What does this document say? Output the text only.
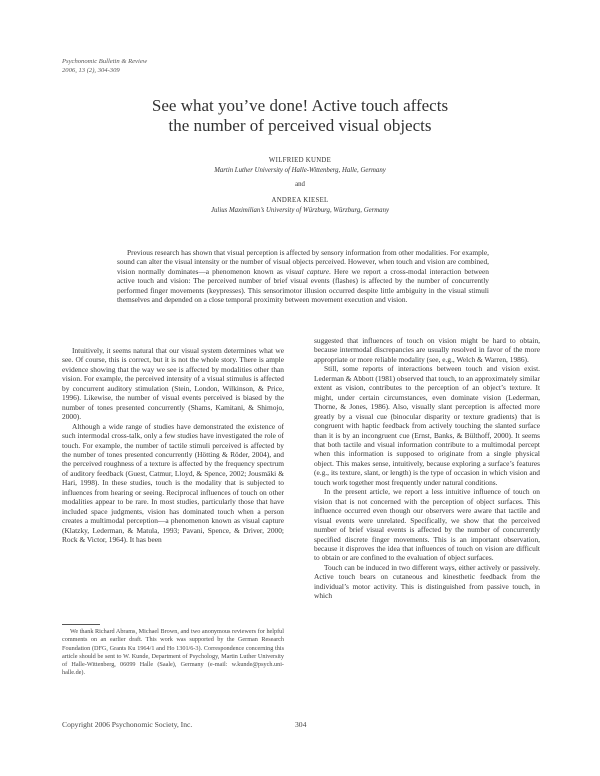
Psychonomic Bulletin & Review
2006, 13 (2), 304-309
See what you’ve done! Active touch affects
the number of perceived visual objects
WILFRIED KUNDE
Martin Luther University of Halle-Wittenberg, Halle, Germany
and
ANDREA KIESEL
Julius Maximilian’s University of Würzburg, Würzburg, Germany

Previous research has shown that visual perception is affected by sensory information from other modalities. For example, sound can alter the visual intensity or the number of visual objects perceived. However, when touch and vision are combined, vision normally dominates—a phenomenon known as visual capture. Here we report a cross-modal interaction between active touch and vision: The perceived number of brief visual events (flashes) is affected by the number of concurrently performed finger movements (keypresses). This sensorimotor illusion occurred despite little ambiguity in the visual stimuli themselves and depended on a close temporal proximity between movement execution and vision.

Intuitively, it seems natural that our visual system determines what we see. Of course, this is correct, but it is not the whole story. There is ample evidence showing that the way we see is affected by modalities other than vision. For example, the perceived intensity of a visual stimulus is affected by concurrent auditory stimulation (Stein, London, Wilkinson, & Price, 1996). Likewise, the number of visual events perceived is biased by the number of tones presented concurrently (Shams, Kamitani, & Shimojo, 2000).

Although a wide range of studies have demonstrated the existence of such intermodal cross-talk, only a few studies have investigated the role of touch. For example, the number of tactile stimuli perceived is affected by the number of tones presented concurrently (Hötting & Röder, 2004), and the perceived roughness of a texture is affected by the frequency spectrum of auditory feedback (Guest, Catmur, Lloyd, & Spence, 2002; Jousmäki & Hari, 1998). In these studies, touch is the modality that is subjected to influences from hearing or seeing. Reciprocal influences of touch on other modalities appear to be rare. In most studies, particularly those that have included space judgments, vision has dominated touch when a person creates a multimodal perception—a phenomenon known as visual capture (Klatzky, Lederman, & Matula, 1993; Pavani, Spence, & Driver, 2000; Rock & Victor, 1964). It has been

suggested that influences of touch on vision might be hard to obtain, because intermodal discrepancies are usually resolved in favor of the more appropriate or more reliable modality (see, e.g., Welch & Warren, 1986).

Still, some reports of interactions between touch and vision exist. Lederman & Abbott (1981) observed that touch, to an approximately similar extent as vision, contributes to the perception of an object’s texture. It might, under certain circumstances, even dominate vision (Lederman, Thorne, & Jones, 1986). Also, visually slant perception is affected more greatly by a visual cue (binocular disparity or texture gradients) that is congruent with haptic feedback from actively touching the slanted surface than it is by an incongruent cue (Ernst, Banks, & Bülthoff, 2000). It seems that both tactile and visual information contribute to a multimodal percept when this information is supposed to originate from a single physical object. This makes sense, intuitively, because exploring a surface’s features (e.g., its texture, slant, or length) is the type of occasion in which vision and touch work together most frequently under natural conditions.

In the present article, we report a less intuitive influence of touch on vision that is not concerned with the perception of object surfaces. This influence occurred even though our observers were aware that tactile and visual events were unrelated. Specifically, we show that the perceived number of brief visual events is affected by the number of concurrently specified discrete finger movements. This is an important observation, because it disproves the idea that influences of touch on vision are difficult to obtain or are confined to the evaluation of object surfaces.

Touch can be induced in two different ways, either actively or passively. Active touch bears on cutaneous and kinesthetic feedback from the individual’s motor activity. This is distinguished from passive touch, in which

We thank Richard Abrams, Michael Brown, and two anonymous reviewers for helpful comments on an earlier draft. This work was supported by the German Research Foundation (DFG, Grants Ku 1964/1 and Ho 1301/6-3). Correspondence concerning this article should be sent to W. Kunde, Department of Psychology, Martin Luther University of Halle-Wittenberg, 06099 Halle (Saale), Germany (e-mail: w.kunde@psych.uni-halle.de).

Copyright 2006 Psychonomic Society, Inc.	304
